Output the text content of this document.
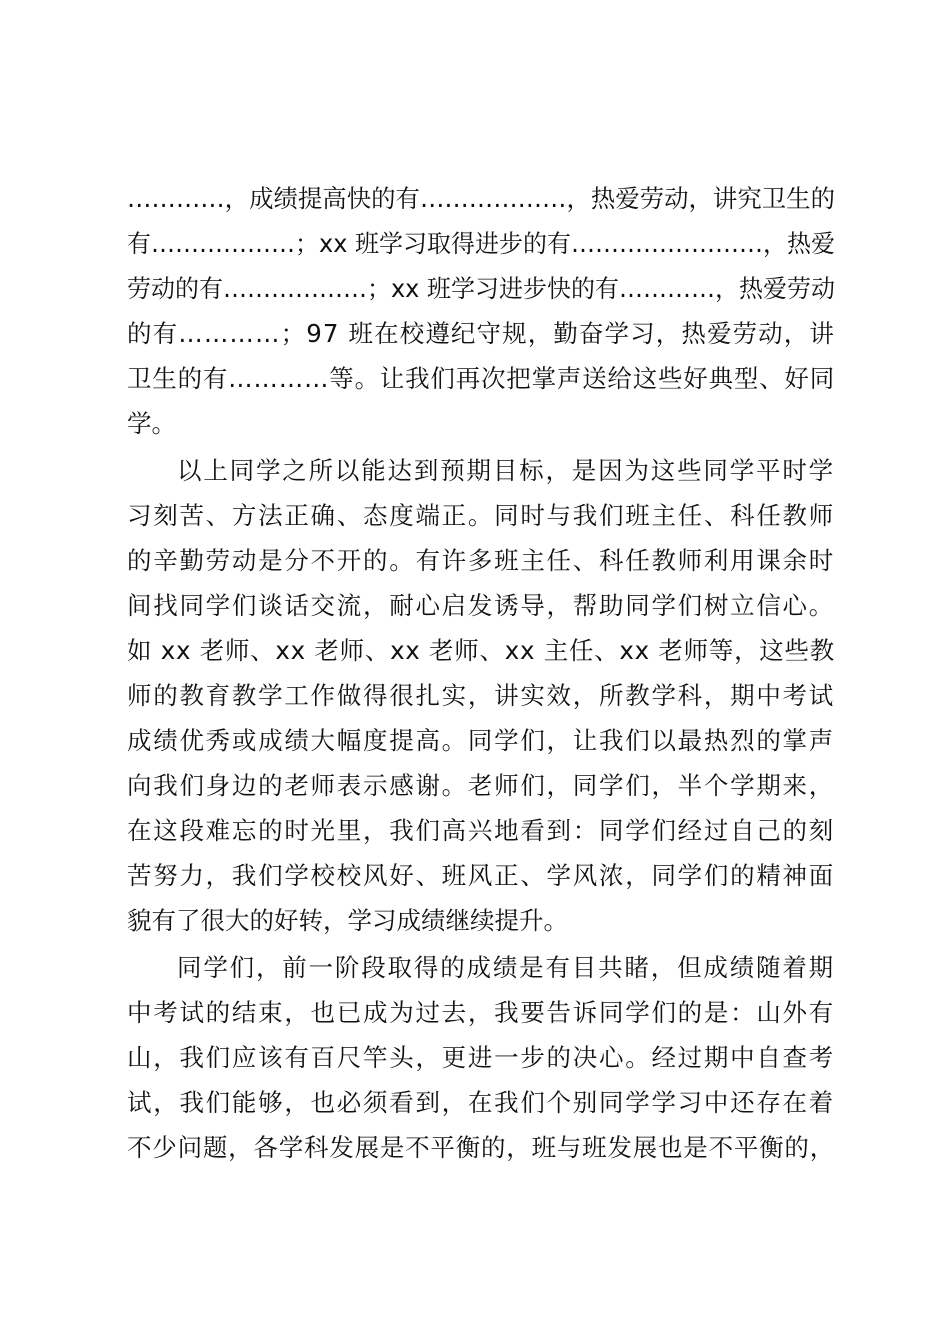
…………，成绩提高快的有………………，热爱劳动，讲究卫生的
有………………；xx 班学习取得进步的有……………………，热爱
劳动的有………………；xx 班学习进步快的有…………，热爱劳动
的有…………；97 班在校遵纪守规，勤奋学习，热爱劳动，讲
卫生的有…………等。让我们再次把掌声送给这些好典型、好同
学。
以上同学之所以能达到预期目标，是因为这些同学平时学
习刻苦、方法正确、态度端正。同时与我们班主任、科任教师
的辛勤劳动是分不开的。有许多班主任、科任教师利用课余时
间找同学们谈话交流，耐心启发诱导，帮助同学们树立信心。
如 xx 老师、xx 老师、xx 老师、xx 主任、xx 老师等，这些教
师的教育教学工作做得很扎实，讲实效，所教学科，期中考试
成绩优秀或成绩大幅度提高。同学们，让我们以最热烈的掌声
向我们身边的老师表示感谢。老师们，同学们，半个学期来，
在这段难忘的时光里，我们高兴地看到：同学们经过自己的刻
苦努力，我们学校校风好、班风正、学风浓，同学们的精神面
貌有了很大的好转，学习成绩继续提升。
同学们，前一阶段取得的成绩是有目共睹，但成绩随着期
中考试的结束，也已成为过去，我要告诉同学们的是：山外有
山，我们应该有百尺竿头，更进一步的决心。经过期中自查考
试，我们能够，也必须看到，在我们个别同学学习中还存在着
不少问题，各学科发展是不平衡的，班与班发展也是不平衡的，
